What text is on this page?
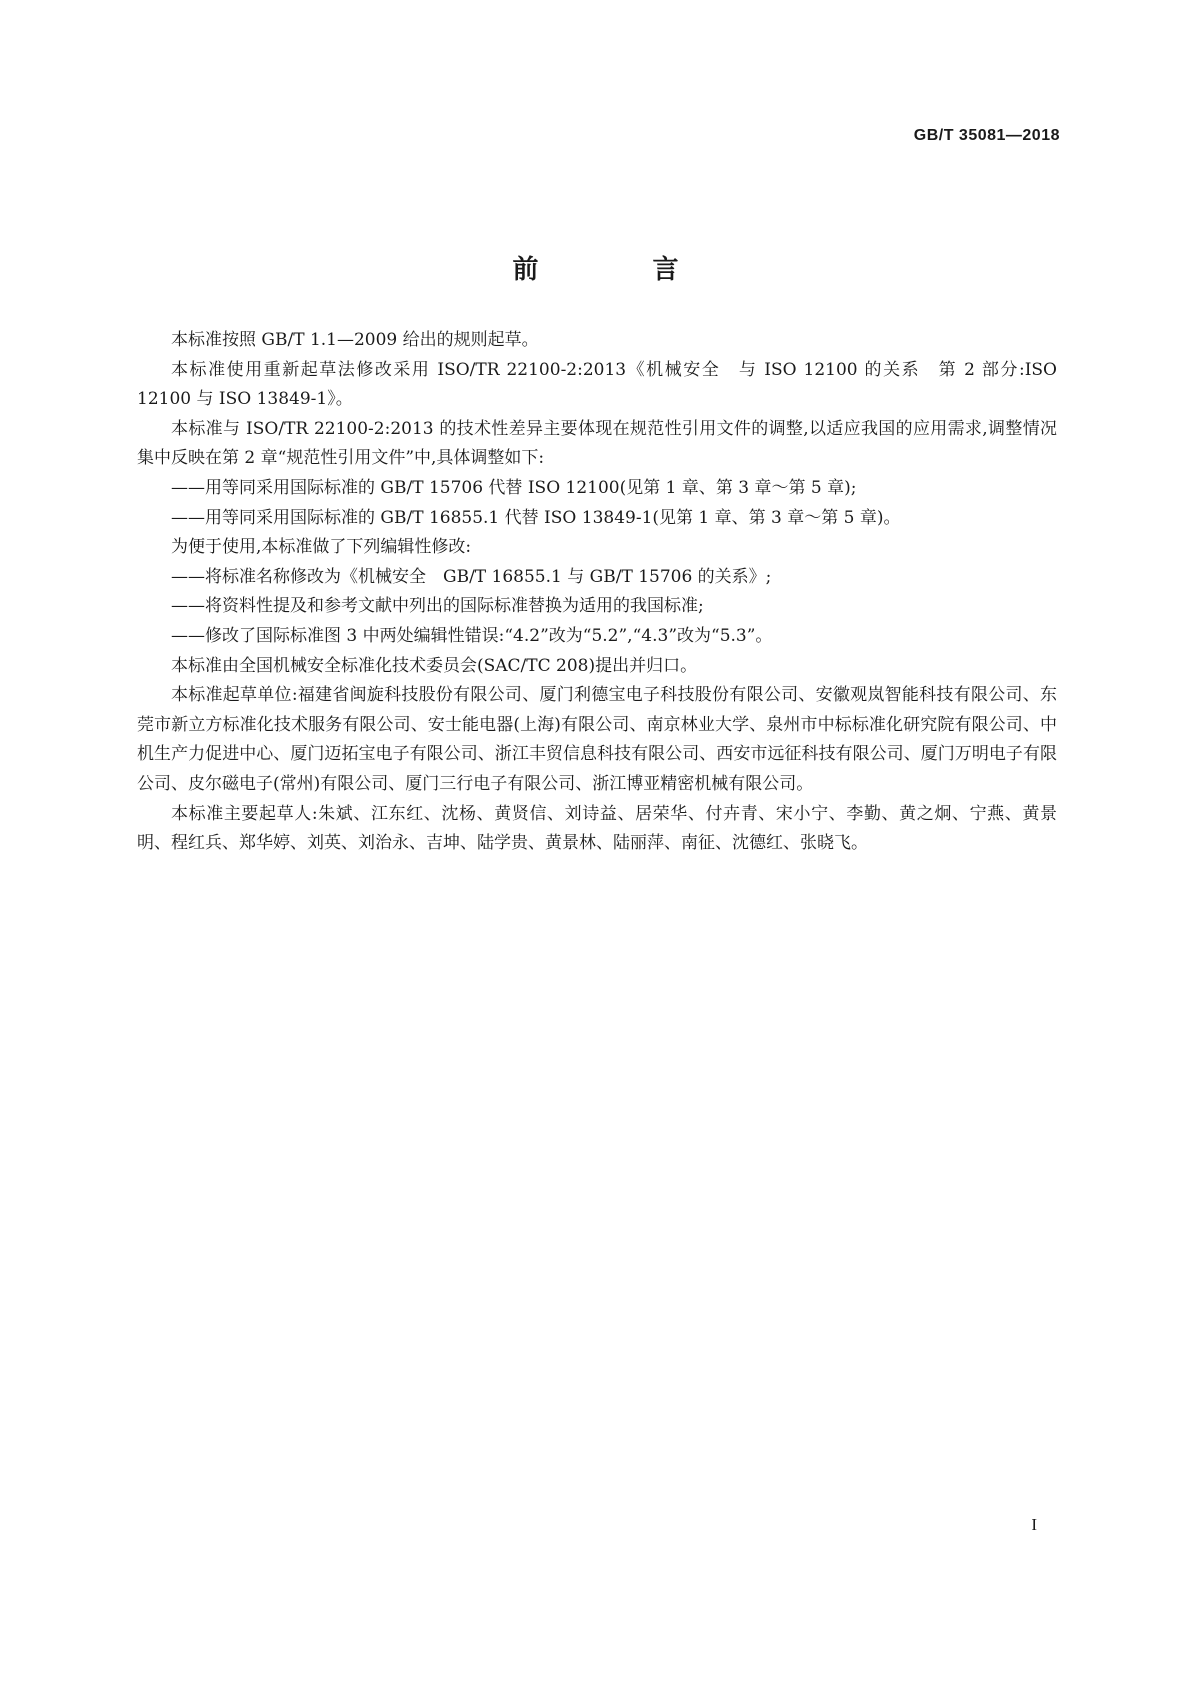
GB/T 35081—2018
前　言

本标准按照 GB/T 1.1—2009 给出的规则起草。

本标准使用重新起草法修改采用 ISO/TR 22100-2:2013《机械安全　与 ISO 12100 的关系　第 2 部分:ISO 12100 与 ISO 13849-1》。

本标准与 ISO/TR 22100-2:2013 的技术性差异主要体现在规范性引用文件的调整,以适应我国的应用需求,调整情况集中反映在第 2 章“规范性引用文件”中,具体调整如下:

——用等同采用国际标准的 GB/T 15706 代替 ISO 12100(见第 1 章、第 3 章～第 5 章);

——用等同采用国际标准的 GB/T 16855.1 代替 ISO 13849-1(见第 1 章、第 3 章～第 5 章)。

为便于使用,本标准做了下列编辑性修改:

——将标准名称修改为《机械安全　GB/T 16855.1 与 GB/T 15706 的关系》;

——将资料性提及和参考文献中列出的国际标准替换为适用的我国标准;

——修改了国际标准图 3 中两处编辑性错误:“4.2”改为“5.2”,“4.3”改为“5.3”。

本标准由全国机械安全标准化技术委员会(SAC/TC 208)提出并归口。

本标准起草单位:福建省闽旋科技股份有限公司、厦门利德宝电子科技股份有限公司、安徽观岚智能科技有限公司、东莞市新立方标准化技术服务有限公司、安士能电器(上海)有限公司、南京林业大学、泉州市中标标准化研究院有限公司、中机生产力促进中心、厦门迈拓宝电子有限公司、浙江丰贸信息科技有限公司、西安市远征科技有限公司、厦门万明电子有限公司、皮尔磁电子(常州)有限公司、厦门三行电子有限公司、浙江博亚精密机械有限公司。

本标准主要起草人:朱斌、江东红、沈杨、黄贤信、刘诗益、居荣华、付卉青、宋小宁、李勤、黄之炯、宁燕、黄景明、程红兵、郑华婷、刘英、刘治永、吉坤、陆学贵、黄景林、陆丽萍、南征、沈德红、张晓飞。

I
